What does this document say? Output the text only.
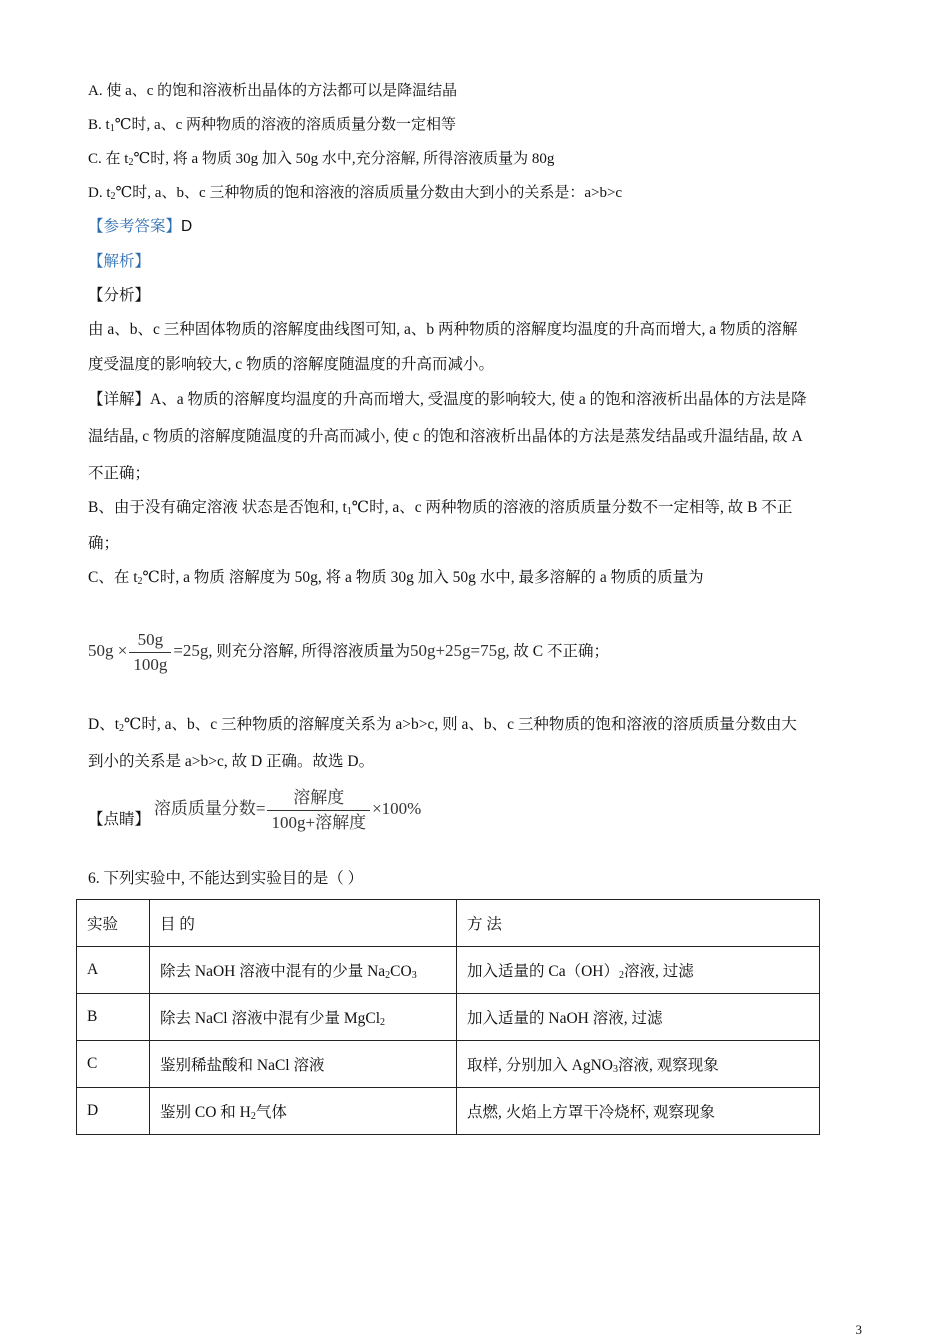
A. 使 a、c 的饱和溶液析出晶体的方法都可以是降温结晶
B. $t_1℃$时, a、c 两种物质的溶液的溶质质量分数一定相等
C. 在 $t_2℃$时, 将 a 物质 30g 加入 50g 水中,充分溶解, 所得溶液质量为 80g
D. $t_2℃$时, a、b、c 三种物质的饱和溶液的溶质质量分数由大到小的关系是：a>b>c
【参考答案】D
【解析】
【分析】
由 a、b、c 三种固体物质的溶解度曲线图可知, a、b 两种物质的溶解度均温度的升高而增大, a 物质的溶解
度受温度的影响较大, c 物质的溶解度随温度的升高而减小。
【详解】A、a 物质的溶解度均温度的升高而增大, 受温度的影响较大, 使 a 的饱和溶液析出晶体的方法是降
温结晶, c 物质的溶解度随温度的升高而减小, 使 c 的饱和溶液析出晶体的方法是蒸发结晶或升温结晶, 故 A
不正确；
B、由于没有确定溶液 状态是否饱和, $t_1℃$时, a、c 两种物质的溶液的溶质质量分数不一定相等, 故 B 不正
确；
C、在 $t_2℃$时, a 物质 溶解度为 50g, 将 a 物质 30g 加入 50g 水中, 最多溶解的 a 物质的质量为
$50g \times \frac{50g}{100g} =25g$, 则充分溶解, 所得溶液质量为50g+25g=75g, 故 C 不正确；
D、$t_2℃$时, a、b、c 三种物质的溶解度关系为 a>b>c, 则 a、b、c 三种物质的饱和溶液的溶质质量分数由大
到小的关系是 a>b>c, 故 D 正确。故选 D。
【点睛】 溶质质量分数= $\frac{\text{溶解度}}{\text{100g+溶解度}} \times 100\%$
6. 下列实验中, 不能达到实验目的是（ ）
实验	目 的	方 法
A	除去 NaOH 溶液中混有的少量 $Na_2CO_3$	加入适量的 $Ca(OH)_2$溶液, 过滤
B	除去 NaCl 溶液中混有少量 MgCl$_2$	加入适量的 NaOH 溶液, 过滤
C	鉴别稀盐酸和 NaCl 溶液	取样, 分别加入 AgNO$_3$溶液, 观察现象
D	鉴别 CO 和 $H_2$气体	点燃, 火焰上方罩干冷烧杯, 观察现象
3
